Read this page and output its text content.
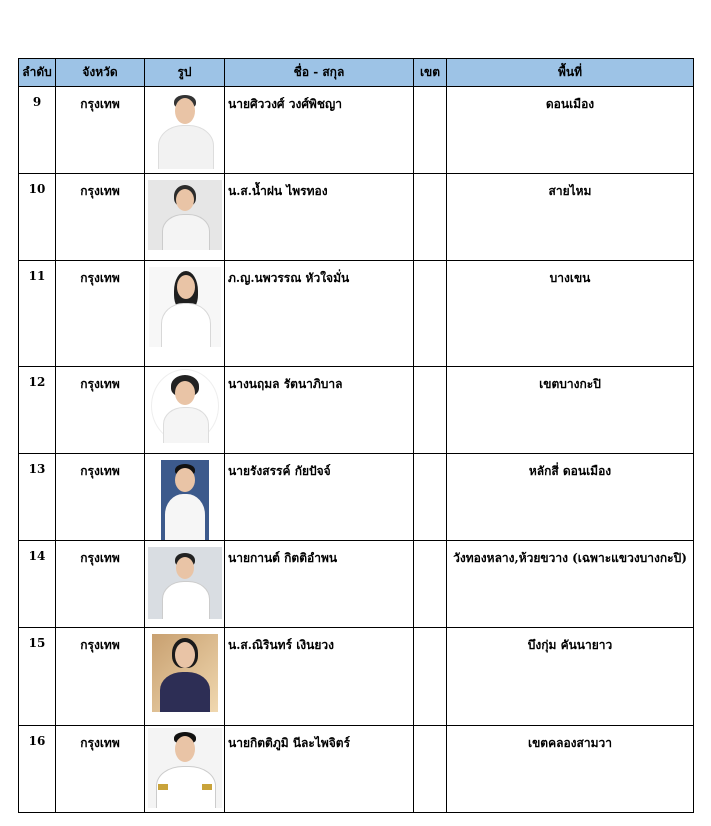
ลำดับ	จังหวัด	รูป	ชื่อ - สกุล	เขต	พื้นที่
9	กรุงเทพ		นายศิววงศ์ วงศ์พิชญา		ดอนเมือง
10	กรุงเทพ		น.ส.น้ำฝน ไพรทอง		สายไหม
11	กรุงเทพ		ภ.ญ.นพวรรณ หัวใจมั่น		บางเขน
12	กรุงเทพ		นางนฤมล รัตนาภิบาล		เขตบางกะปิ
13	กรุงเทพ		นายรังสรรค์ กัยปัจจ์		หลักสี่ ดอนเมือง
14	กรุงเทพ		นายกานต์ กิตติอำพน		วังทองหลาง,ห้วยขวาง (เฉพาะแขวงบางกะปิ)
15	กรุงเทพ		น.ส.ณิรินทร์ เงินยวง		บึงกุ่ม คันนายาว
16	กรุงเทพ		นายกิตติภูมิ นีละไพจิตร์		เขตคลองสามวา
